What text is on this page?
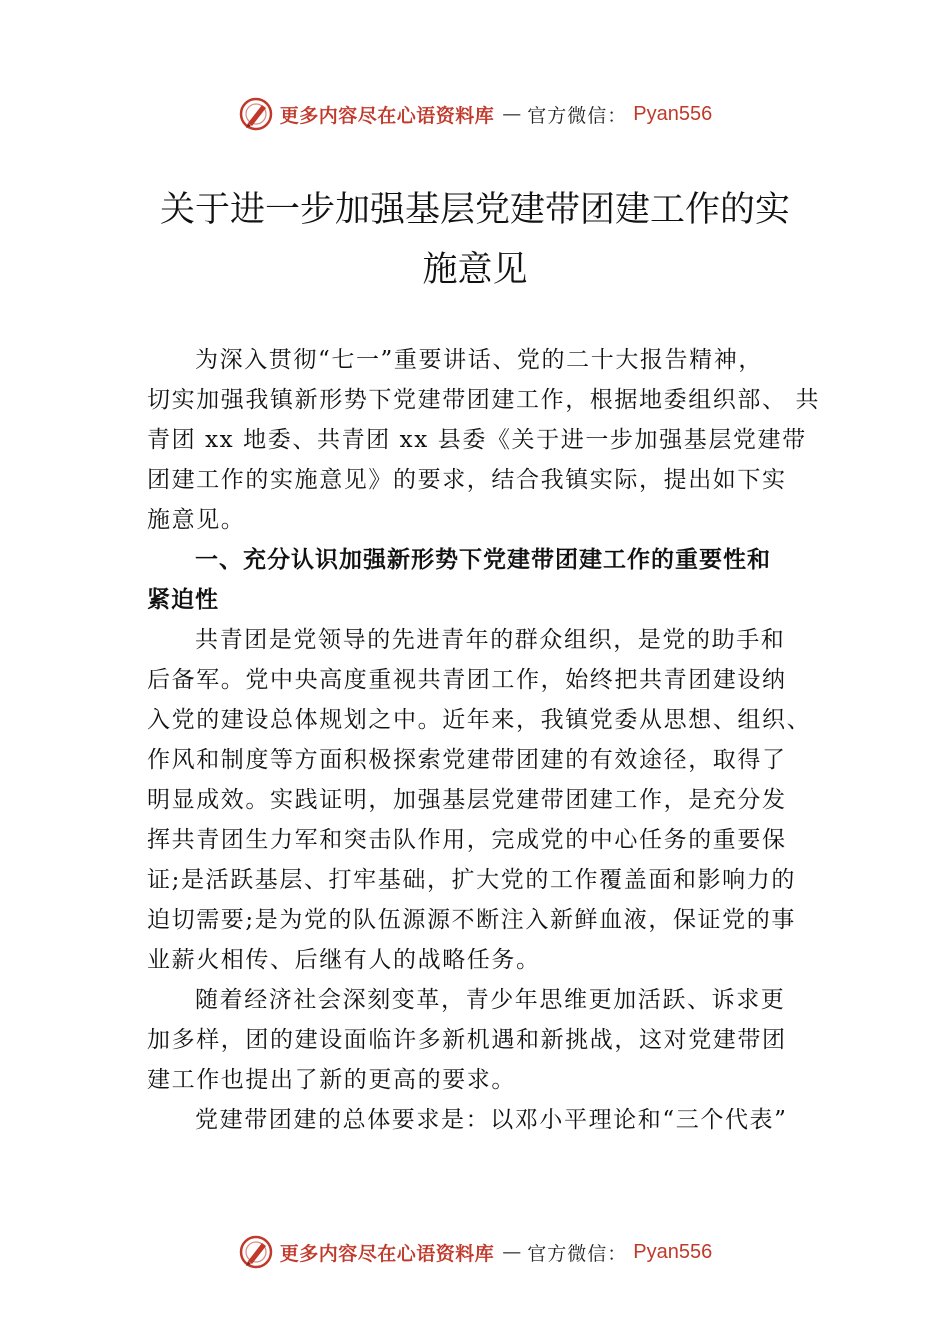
更多内容尽在心语资料库 — 官方微信： Pyan556
关于进一步加强基层党建带团建工作的实
施意见

为深入贯彻“七一”重要讲话、党的二十大报告精神，
切实加强我镇新形势下党建带团建工作，根据地委组织部、 共
青团 xx 地委、共青团 xx 县委《关于进一步加强基层党建带
团建工作的实施意见》的要求，结合我镇实际，提出如下实
施意见。

一、充分认识加强新形势下党建带团建工作的重要性和
紧迫性

共青团是党领导的先进青年的群众组织，是党的助手和
后备军。党中央高度重视共青团工作，始终把共青团建设纳
入党的建设总体规划之中。近年来，我镇党委从思想、组织、
作风和制度等方面积极探索党建带团建的有效途径，取得了
明显成效。实践证明，加强基层党建带团建工作，是充分发
挥共青团生力军和突击队作用，完成党的中心任务的重要保
证;是活跃基层、打牢基础，扩大党的工作覆盖面和影响力的
迫切需要;是为党的队伍源源不断注入新鲜血液，保证党的事
业薪火相传、后继有人的战略任务。

随着经济社会深刻变革，青少年思维更加活跃、诉求更
加多样，团的建设面临许多新机遇和新挑战，这对党建带团
建工作也提出了新的更高的要求。

党建带团建的总体要求是：以邓小平理论和“三个代表”

更多内容尽在心语资料库 — 官方微信： Pyan556
